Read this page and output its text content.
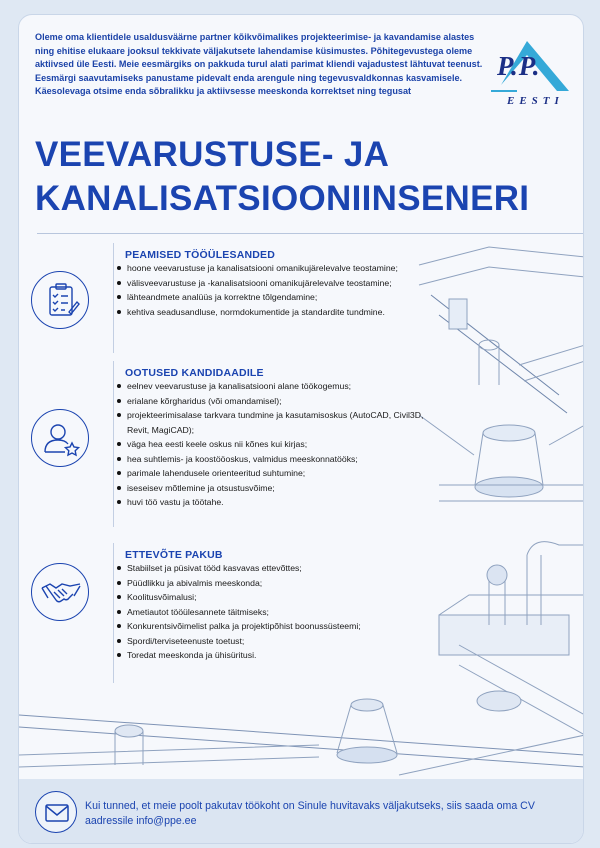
Oleme oma klientidele usaldusväärne partner kõikvõimalikes projekteerimise- ja kavandamise alastes ning ehitise elukaare jooksul tekkivate väljakutsete lahendamise küsimustes. Põhitegevustega oleme aktiivsed üle Eesti. Meie eesmärgiks on pakkuda turul alati parimat kliendi vajadustest lähtuvat teenust. Eesmärgi saavutamiseks panustame pidevalt enda arengule ning tegevusvaldkonnas kasvamisele.

Käesolevaga otsime enda sõbralikku ja aktiivsesse meeskonda korrektset ning tegusat

P.P.
EESTI
VEEVARUSTUSE- JA
KANALISATSIOONIINSENERI
PEAMISED TÖÖÜLESANDED
hoone veevarustuse ja kanalisatsiooni omanikujärelevalve teostamine;
välisveevarustuse ja -kanalisatsiooni omanikujärelevalve teostamine;
lähteandmete analüüs ja korrektne tõlgendamine;
kehtiva seadusandluse, normdokumentide ja standardite tundmine.
OOTUSED KANDIDAADILE
eelnev veevarustuse ja kanalisatsiooni alane töökogemus;
erialane kõrgharidus (või omandamisel);
projekteerimisalase tarkvara tundmine ja kasutamisoskus (AutoCAD, Civil3D, Revit, MagiCAD);
väga hea eesti keele oskus nii kõnes kui kirjas;
hea suhtlemis- ja koostööoskus, valmidus meeskonnatööks;
parimale lahendusele orienteeritud suhtumine;
iseseisev mõtlemine ja otsustusvõime;
huvi töö vastu ja töötahe.
ETTEVÕTE PAKUB
Stabiilset ja püsivat tööd kasvavas ettevõttes;
Püüdlikku ja abivalmis meeskonda;
Koolitusvõimalusi;
Ametiautot tööülesannete täitmiseks;
Konkurentsivõimelist palka ja projektipõhist boonussüsteemi;
Spordi/terviseteenuste toetust;
Toredat meeskonda ja ühisüritusi.

Kui tunned, et meie poolt pakutav töökoht on Sinule huvitavaks väljakutseks, siis saada oma CV aadressile info@ppe.ee
